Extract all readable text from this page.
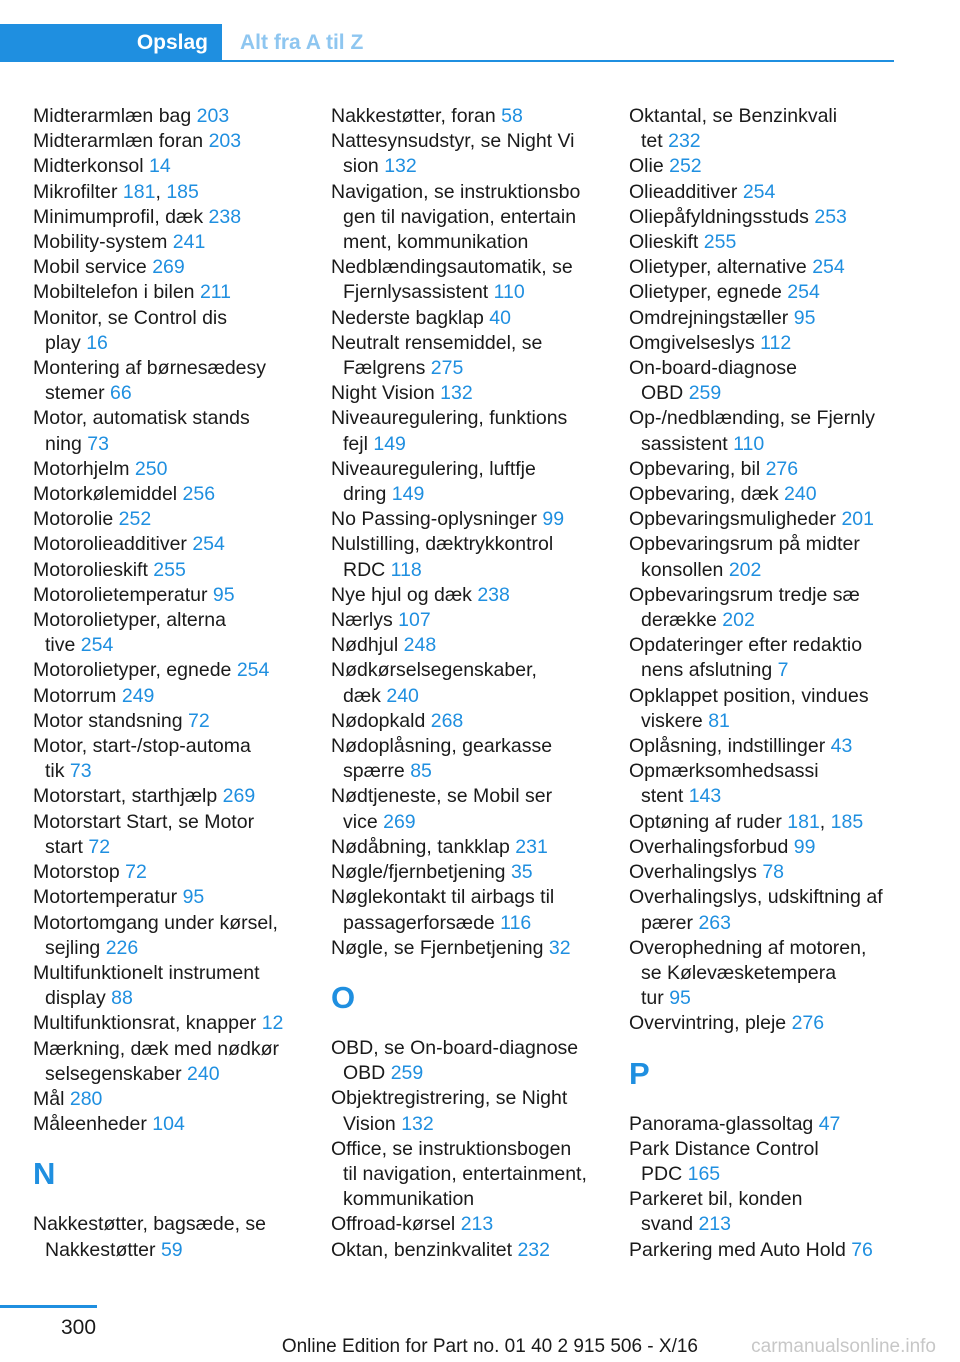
Opslag	Alt fra A til Z
Midterarmlæn bag 203
Midterarmlæn foran 203
Midterkonsol 14
Mikrofilter 181, 185
Minimumprofil, dæk 238
Mobility-system 241
Mobil service 269
Mobiltelefon i bilen 211
Monitor, se Control dis
play 16
Montering af børnesædesy
stemer 66
Motor, automatisk stands
ning 73
Motorhjelm 250
Motorkølemiddel 256
Motorolie 252
Motorolieadditiver 254
Motorolieskift 255
Motorolietemperatur 95
Motorolietyper, alterna
tive 254
Motorolietyper, egnede 254
Motorrum 249
Motor standsning 72
Motor, start-/stop-automa
tik 73
Motorstart, starthjælp 269
Motorstart Start, se Motor
start 72
Motorstop 72
Motortemperatur 95
Motortomgang under kørsel,
sejling 226
Multifunktionelt instrument
display 88
Multifunktionsrat, knapper 12
Mærkning, dæk med nødkør
selsegenskaber 240
Mål 280
Måleenheder 104
N
Nakkestøtter, bagsæde, se
Nakkestøtter 59
Nakkestøtter, foran 58
Nattesynsudstyr, se Night Vi
sion 132
Navigation, se instruktionsbo
gen til navigation, entertain
ment, kommunikation
Nedblændingsautomatik, se
Fjernlysassistent 110
Nederste bagklap 40
Neutralt rensemiddel, se
Fælgrens 275
Night Vision 132
Niveauregulering, funktions
fejl 149
Niveauregulering, luftfje
dring 149
No Passing-oplysninger 99
Nulstilling, dæktrykkontrol
RDC 118
Nye hjul og dæk 238
Nærlys 107
Nødhjul 248
Nødkørselsegenskaber,
dæk 240
Nødopkald 268
Nødoplåsning, gearkasse
spærre 85
Nødtjeneste, se Mobil ser
vice 269
Nødåbning, tankklap 231
Nøgle/fjernbetjening 35
Nøglekontakt til airbags til
passagerforsæde 116
Nøgle, se Fjernbetjening 32
O
OBD, se On-board-diagnose
OBD 259
Objektregistrering, se Night
Vision 132
Office, se instruktionsbogen
til navigation, entertainment,
kommunikation
Offroad-kørsel 213
Oktan, benzinkvalitet 232
Oktantal, se Benzinkvali
tet 232
Olie 252
Olieadditiver 254
Oliepåfyldningsstuds 253
Olieskift 255
Olietyper, alternative 254
Olietyper, egnede 254
Omdrejningstæller 95
Omgivelseslys 112
On-board-diagnose
OBD 259
Op-/nedblænding, se Fjernly
sassistent 110
Opbevaring, bil 276
Opbevaring, dæk 240
Opbevaringsmuligheder 201
Opbevaringsrum på midter
konsollen 202
Opbevaringsrum tredje sæ
derække 202
Opdateringer efter redaktio
nens afslutning 7
Opklappet position, vindues
viskere 81
Oplåsning, indstillinger 43
Opmærksomhedsassi
stent 143
Optøning af ruder 181, 185
Overhalingsforbud 99
Overhalingslys 78
Overhalingslys, udskiftning af
pærer 263
Overophedning af motoren,
se Kølevæsketempera
tur 95
Overvintring, pleje 276
P
Panorama-glassoltag 47
Park Distance Control
PDC 165
Parkeret bil, konden
svand 213
Parkering med Auto Hold 76
300
Online Edition for Part no. 01 40 2 915 506 - X/16	carmanualsonline.info
